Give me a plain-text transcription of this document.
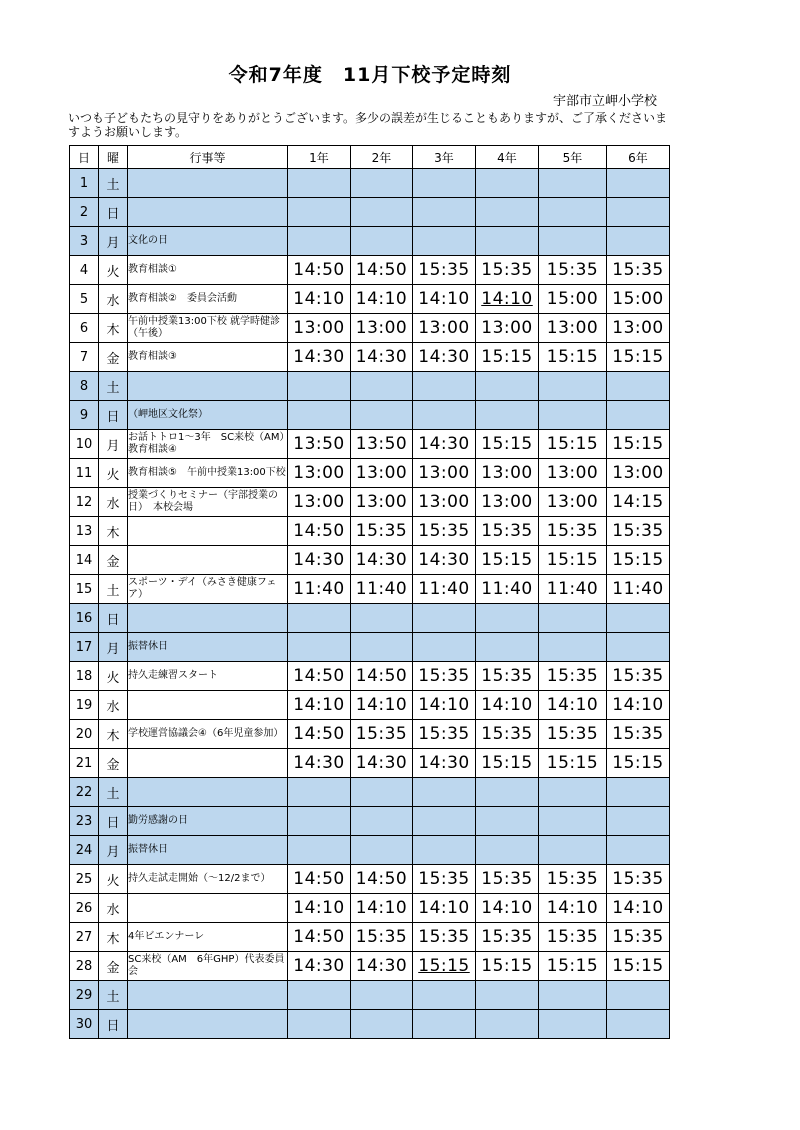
令和7年度　11月下校予定時刻
宇部市立岬小学校
いつも子どもたちの見守りをありがとうございます。多少の誤差が生じることもありますが、ご了承くださいますようお願いします。
日	曜	行事等	1年	2年	3年	4年	5年	6年
1	土							
2	日							
3	月	文化の日						
4	火	教育相談①	14:50	14:50	15:35	15:35	15:35	15:35
5	水	教育相談②　委員会活動	14:10	14:10	14:10	14:10	15:00	15:00
6	木	午前中授業13:00下校 就学時健診（午後）	13:00	13:00	13:00	13:00	13:00	13:00
7	金	教育相談③	14:30	14:30	14:30	15:15	15:15	15:15
8	土							
9	日	（岬地区文化祭）						
10	月	お話トトロ1～3年　SC来校（AM）　教育相談④	13:50	13:50	14:30	15:15	15:15	15:15
11	火	教育相談⑤　午前中授業13:00下校	13:00	13:00	13:00	13:00	13:00	13:00
12	水	授業づくりセミナー（宇部授業の日）　本校会場	13:00	13:00	13:00	13:00	13:00	14:15
13	木		14:50	15:35	15:35	15:35	15:35	15:35
14	金		14:30	14:30	14:30	15:15	15:15	15:15
15	土	スポーツ・デイ（みさき健康フェア）	11:40	11:40	11:40	11:40	11:40	11:40
16	日							
17	月	振替休日						
18	火	持久走練習スタート	14:50	14:50	15:35	15:35	15:35	15:35
19	水		14:10	14:10	14:10	14:10	14:10	14:10
20	木	学校運営協議会④（6年児童参加）	14:50	15:35	15:35	15:35	15:35	15:35
21	金		14:30	14:30	14:30	15:15	15:15	15:15
22	土							
23	日	勤労感謝の日						
24	月	振替休日						
25	火	持久走試走開始（～12/2まで）	14:50	14:50	15:35	15:35	15:35	15:35
26	水		14:10	14:10	14:10	14:10	14:10	14:10
27	木	4年ビエンナーレ	14:50	15:35	15:35	15:35	15:35	15:35
28	金	SC来校（AM　6年GHP）代表委員会	14:30	14:30	15:15	15:15	15:15	15:15
29	土							
30	日							
